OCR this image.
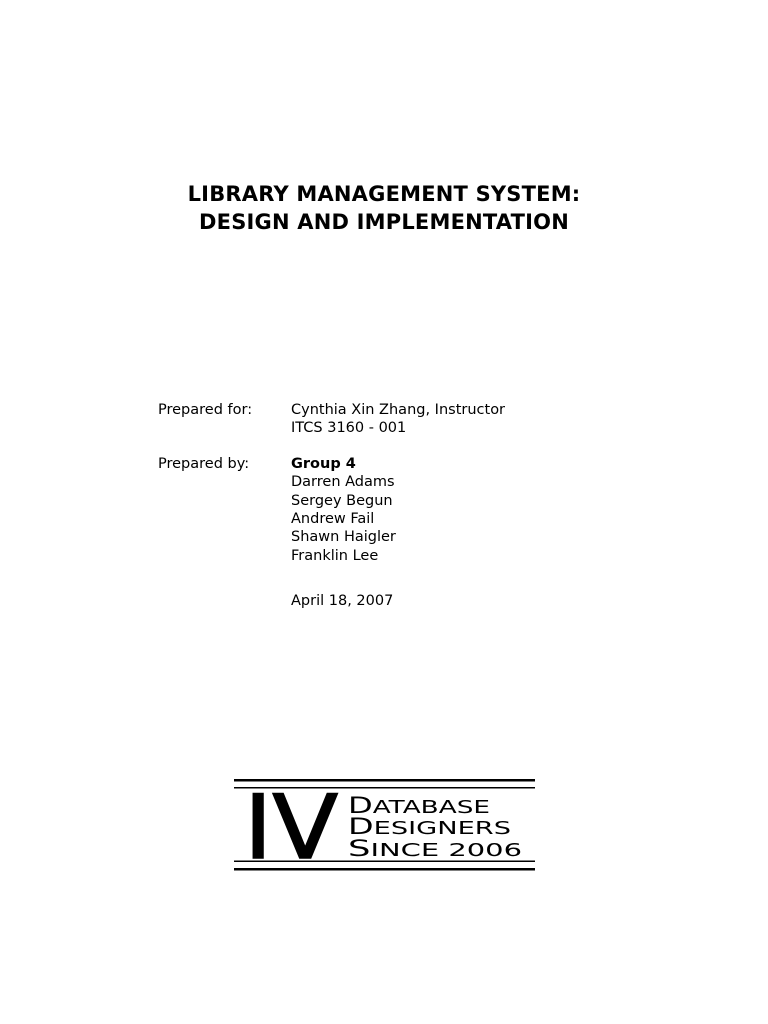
LIBRARY MANAGEMENT SYSTEM:
DESIGN AND IMPLEMENTATION
Prepared for:	Cynthia Xin Zhang, Instructor
ITCS 3160 - 001
Prepared by:	Group 4
Darren Adams
Sergey Begun
Andrew Fail
Shawn Haigler
Franklin Lee
April 18, 2007
IV D ATABASE
D ESIGNERS
S INCE 2006
